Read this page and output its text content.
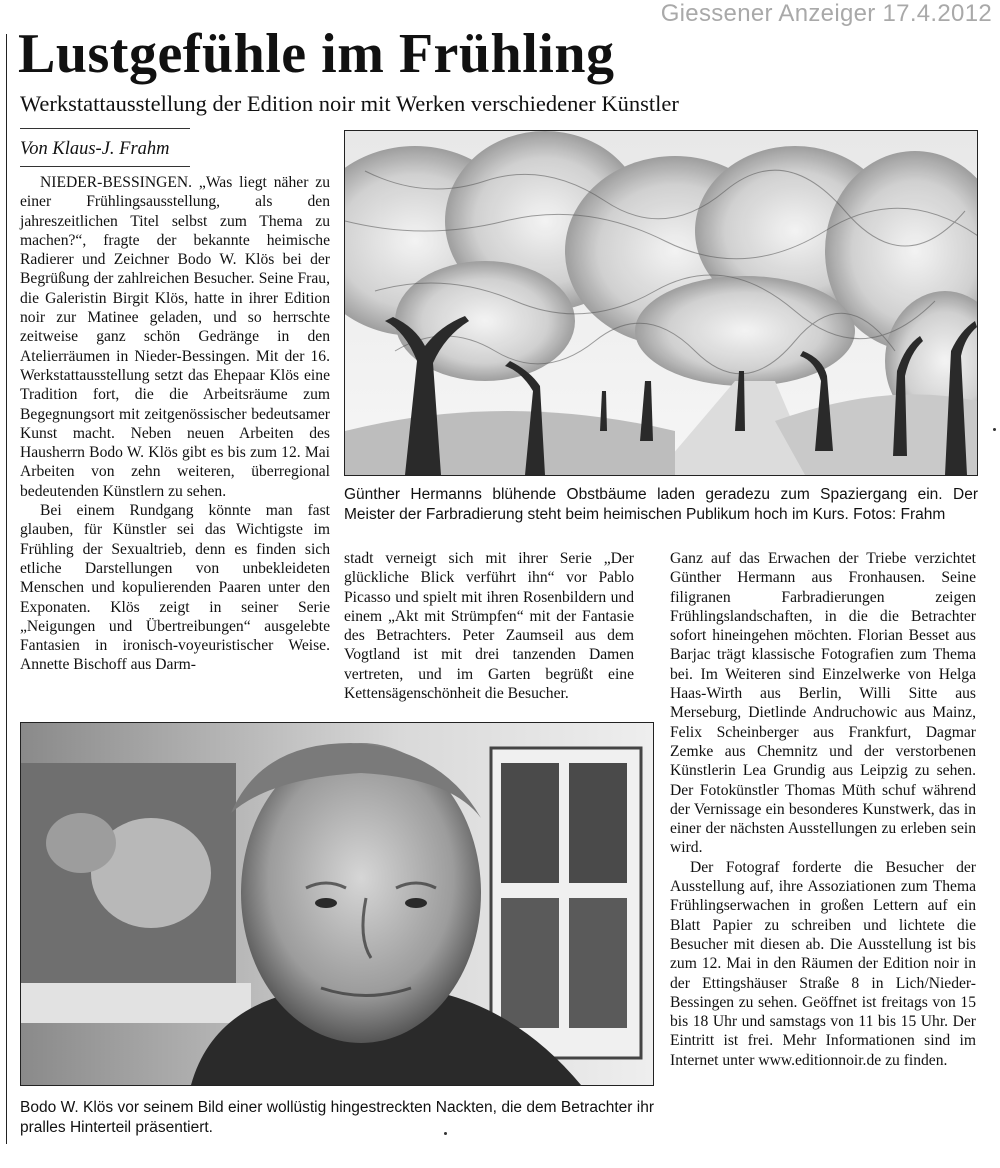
Giessener Anzeiger 17.4.2012
Lustgefühle im Frühling
Werkstattausstellung der Edition noir mit Werken verschiedener Künstler
Von Klaus-J. Frahm

NIEDER-BESSINGEN. „Was liegt näher zu einer Frühlingsausstellung, als den jahreszeitlichen Titel selbst zum Thema zu machen?“, fragte der bekannte heimische Radierer und Zeichner Bodo W. Klös bei der Begrüßung der zahlreichen Besucher. Seine Frau, die Galeristin Birgit Klös, hatte in ihrer Edition noir zur Matinee geladen, und so herrschte zeitweise ganz schön Gedränge in den Atelierräumen in Nieder-Bessingen. Mit der 16. Werkstattausstellung setzt das Ehepaar Klös eine Tradition fort, die die Arbeitsräume zum Begegnungsort mit zeitgenössischer bedeutsamer Kunst macht. Neben neuen Arbeiten des Hausherrn Bodo W. Klös gibt es bis zum 12. Mai Arbeiten von zehn weiteren, überregional bedeutenden Künstlern zu sehen.

Bei einem Rundgang könnte man fast glauben, für Künstler sei das Wichtigste im Frühling der Sexualtrieb, denn es finden sich etliche Darstellungen von unbekleideten Menschen und kopulierenden Paaren unter den Exponaten. Klös zeigt in seiner Serie „Neigungen und Übertreibungen“ ausgelebte Fantasien in ironisch-voyeuristischer Weise. Annette Bischoff aus Darm-

Günther Hermanns blühende Obstbäume laden geradezu zum Spaziergang ein. Der Meister der Farbradierung steht beim heimischen Publikum hoch im Kurs. Fotos: Frahm

stadt verneigt sich mit ihrer Serie „Der glückliche Blick verführt ihn“ vor Pablo Picasso und spielt mit ihren Rosenbildern und einem „Akt mit Strümpfen“ mit der Fantasie des Betrachters. Peter Zaumseil aus dem Vogtland ist mit drei tanzenden Damen vertreten, und im Garten begrüßt eine Kettensägenschönheit die Besucher.

Ganz auf das Erwachen der Triebe verzichtet Günther Hermann aus Fronhausen. Seine filigranen Farbradierungen zeigen Frühlingslandschaften, in die die Betrachter sofort hineingehen möchten. Florian Besset aus Barjac trägt klassische Fotografien zum Thema bei. Im Weiteren sind Einzelwerke von Helga Haas-Wirth aus Berlin, Willi Sitte aus Merseburg, Dietlinde Andruchowic aus Mainz, Felix Scheinberger aus Frankfurt, Dagmar Zemke aus Chemnitz und der verstorbenen Künstlerin Lea Grundig aus Leipzig zu sehen. Der Fotokünstler Thomas Müth schuf während der Vernissage ein besonderes Kunstwerk, das in einer der nächsten Ausstellungen zu erleben sein wird.

Der Fotograf forderte die Besucher der Ausstellung auf, ihre Assoziationen zum Thema Frühlingserwachen in großen Lettern auf ein Blatt Papier zu schreiben und lichtete die Besucher mit diesen ab. Die Ausstellung ist bis zum 12. Mai in den Räumen der Edition noir in der Ettingshäuser Straße 8 in Lich/Nieder-Bessingen zu sehen. Geöffnet ist freitags von 15 bis 18 Uhr und samstags von 11 bis 15 Uhr. Der Eintritt ist frei. Mehr Informationen sind im Internet unter www.editionnoir.de zu finden.

Bodo W. Klös vor seinem Bild einer wollüstig hingestreckten Nackten, die dem Betrachter ihr pralles Hinterteil präsentiert.
